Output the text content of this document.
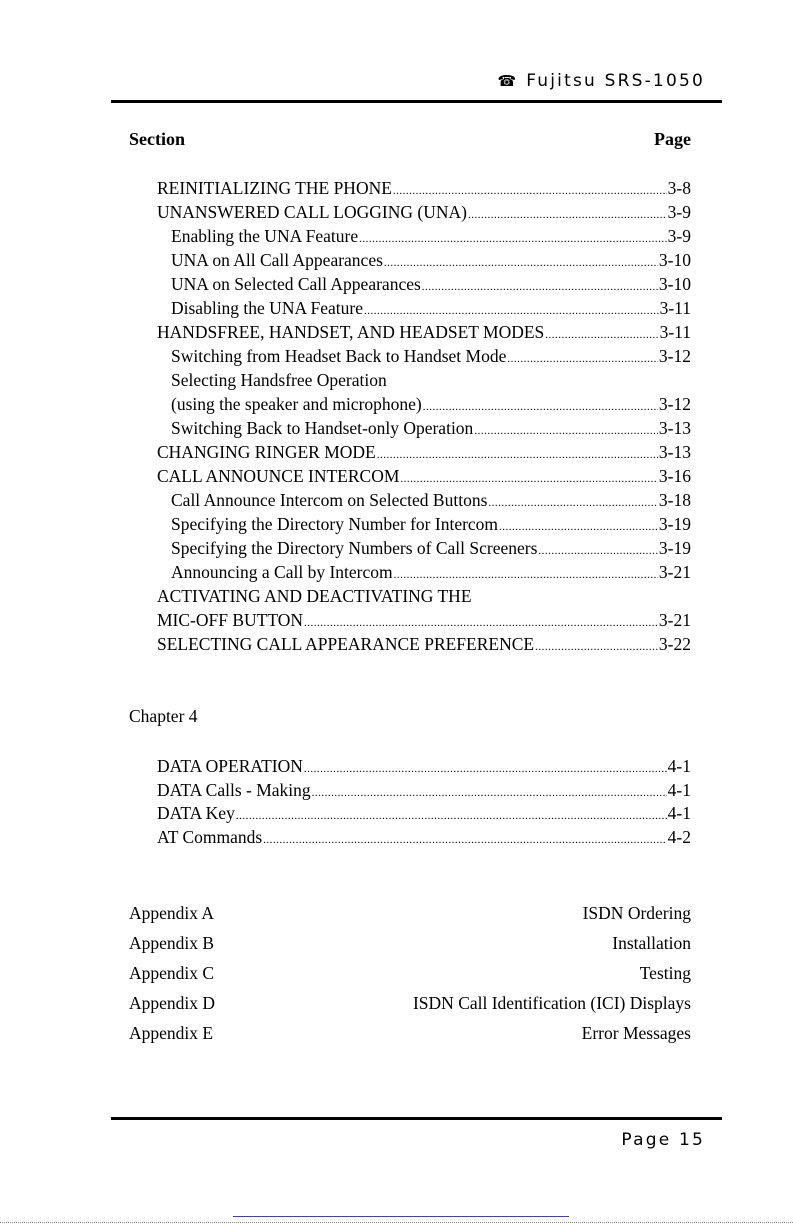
☎ Fujitsu SRS-1050
Section	Page
REINITIALIZING THE PHONE .....	3-8
UNANSWERED CALL LOGGING (UNA) .....	3-9
Enabling the UNA Feature .....	3-9
UNA on All Call Appearances .....	3-10
UNA on Selected Call Appearances .....	3-10
Disabling the UNA Feature .....	3-11
HANDSFREE, HANDSET, AND HEADSET MODES .....	3-11
Switching from Headset Back to Handset Mode .....	3-12
Selecting Handsfree Operation
(using the speaker and microphone) .....	3-12
Switching Back to Handset-only Operation .....	3-13
CHANGING RINGER MODE .....	3-13
CALL ANNOUNCE INTERCOM .....	3-16
Call Announce Intercom on Selected Buttons .....	3-18
Specifying the Directory Number for Intercom .....	3-19
Specifying the Directory Numbers of Call Screeners .....	3-19
Announcing a Call by Intercom .....	3-21
ACTIVATING AND DEACTIVATING THE
MIC-OFF BUTTON .....	3-21
SELECTING CALL APPEARANCE PREFERENCE .....	3-22
Chapter 4
DATA OPERATION .....	4-1
DATA Calls - Making .....	4-1
DATA Key .....	4-1
AT Commands .....	4-2
Appendix A	ISDN Ordering
Appendix B	Installation
Appendix C	Testing
Appendix D	ISDN Call Identification (ICI) Displays
Appendix E	Error Messages
Page 15
